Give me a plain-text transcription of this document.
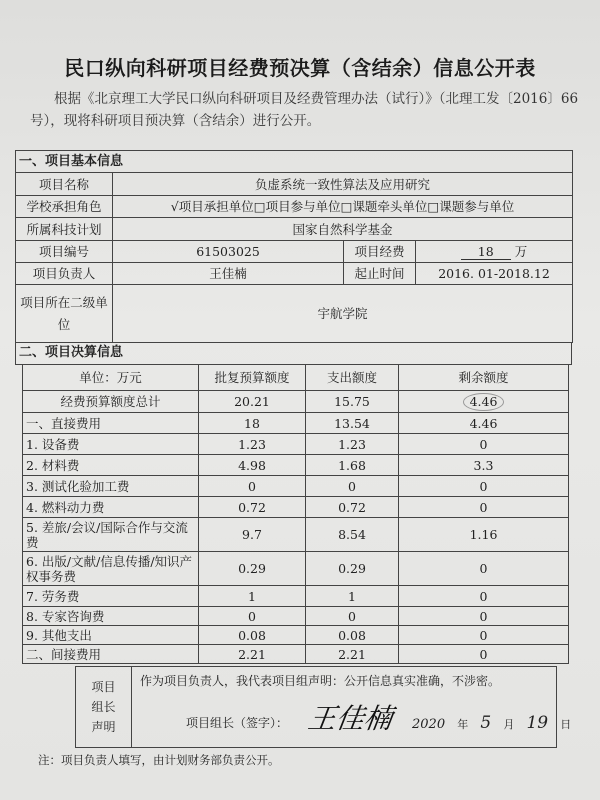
民口纵向科研项目经费预决算（含结余）信息公开表
根据《北京理工大学民口纵向科研项目及经费管理办法（试行）》（北理工发〔2016〕66号），现将科研项目预决算（含结余）进行公开。
一、项目基本信息			
项目名称	负虚系统一致性算法及应用研究		
学校承担角色	√项目承担单位□项目参与单位□课题牵头单位□课题参与单位		
所属科技计划	国家自然科学基金		
项目编号	61503025	项目经费	18 万
项目负责人	王佳楠	起止时间	2016. 01-2018.12
项目所在二级单位	宇航学院		
二、项目决算信息
单位：万元	批复预算额度	支出额度	剩余额度
经费预算额度总计	20.21	15.75	4.46
一、直接费用	18	13.54	4.46
1. 设备费	1.23	1.23	0
2. 材料费	4.98	1.68	3.3
3. 测试化验加工费	0	0	0
4. 燃料动力费	0.72	0.72	0
5. 差旅/会议/国际合作与交流费	9.7	8.54	1.16
6. 出版/文献/信息传播/知识产权事务费	0.29	0.29	0
7. 劳务费	1	1	0
8. 专家咨询费	0	0	0
9. 其他支出	0.08	0.08	0
二、间接费用	2.21	2.21	0
项目组长声明
作为项目负责人，我代表项目组声明：公开信息真实准确，不涉密。
项目组长（签字）： 王佳楠 2020 年 5 月 19 日
注：项目负责人填写，由计划财务部负责公开。
